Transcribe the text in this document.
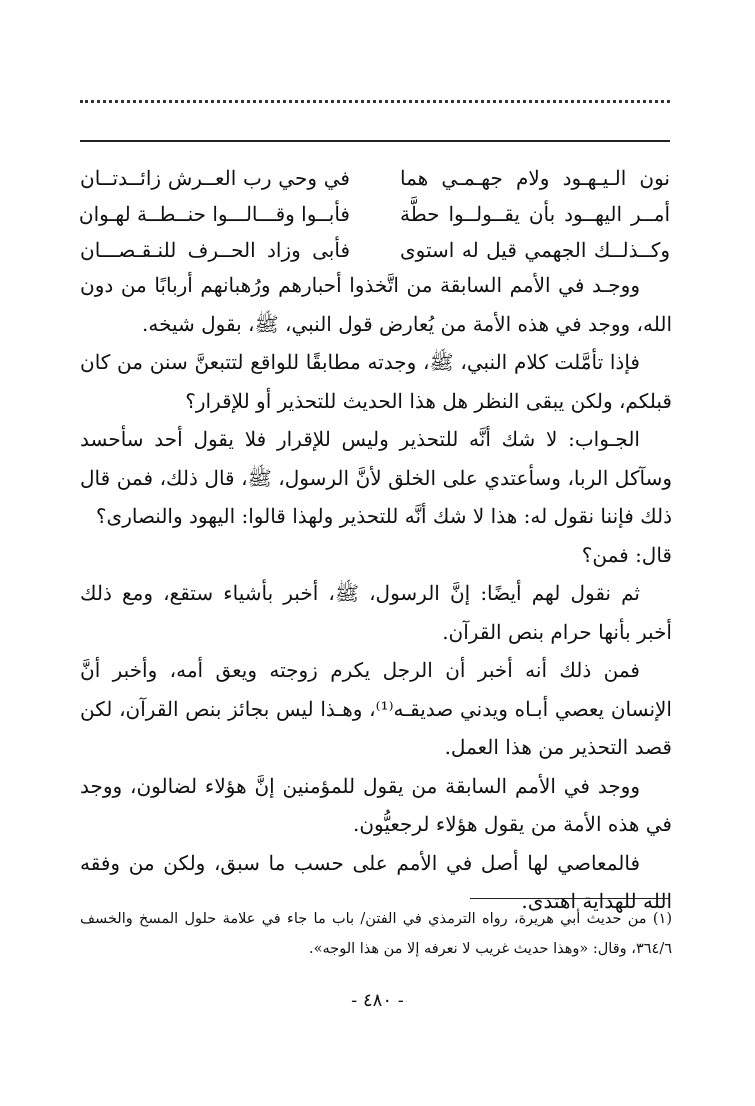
نون الـيـهـود ولام جهـمـي هما
في وحي رب العــرش زائــدتــان
أمــر اليهــود بأن يقــولــوا حطَّة
فأبــوا وقـــالـــوا حنــطــة لهـوان
وكــذلــك الجهمي قيل له استوى
فأبى وزاد الحــرف للنـقـصـــان

ووجـد في الأمم السابقة من اتَّخذوا أحبارهم ورُهبانهم أربابًا من دون الله، ووجد في هذه الأمة من يُعارض قول النبي، ﷺ، بقول شيخه.

فإذا تأمَّلت كلام النبي، ﷺ، وجدته مطابقًا للواقع لتتبعنَّ سنن من كان قبلكم، ولكن يبقى النظر هل هذا الحديث للتحذير أو للإقرار؟

الجـواب: لا شك أنَّه للتحذير وليس للإقرار فلا يقول أحد سأحسد وسآكل الربا، وسأعتدي على الخلق لأنَّ الرسول، ﷺ، قال ذلك، فمن قال ذلك فإننا نقول له: هذا لا شك أنَّه للتحذير ولهذا قالوا: اليهود والنصارى؟

قال: فمن؟

ثم نقول لهم أيضًا: إنَّ الرسول، ﷺ، أخبر بأشياء ستقع، ومع ذلك أخبر بأنها حرام بنص القرآن.

فمن ذلك أنه أخبر أن الرجل يكرم زوجته ويعق أمه، وأخبر أنَّ الإنسان يعصي أبـاه ويدني صديقـه⁽¹⁾، وهـذا ليس بجائز بنص القرآن، لكن قصد التحذير من هذا العمل.

ووجد في الأمم السابقة من يقول للمؤمنين إنَّ هؤلاء لضالون، ووجد في هذه الأمة من يقول هؤلاء لرجعيُّون.

فالمعاصي لها أصل في الأمم على حسب ما سبق، ولكن من وفقه الله للهداية اهتدى.

(١) من حديث أبي هريرة، رواه الترمذي في الفتن/ باب ما جاء في علامة حلول المسخ والخسف ٣٦٤/٦، وقال: «وهذا حديث غريب لا نعرفه إلا من هذا الوجه».

- ٤٨٠ -
